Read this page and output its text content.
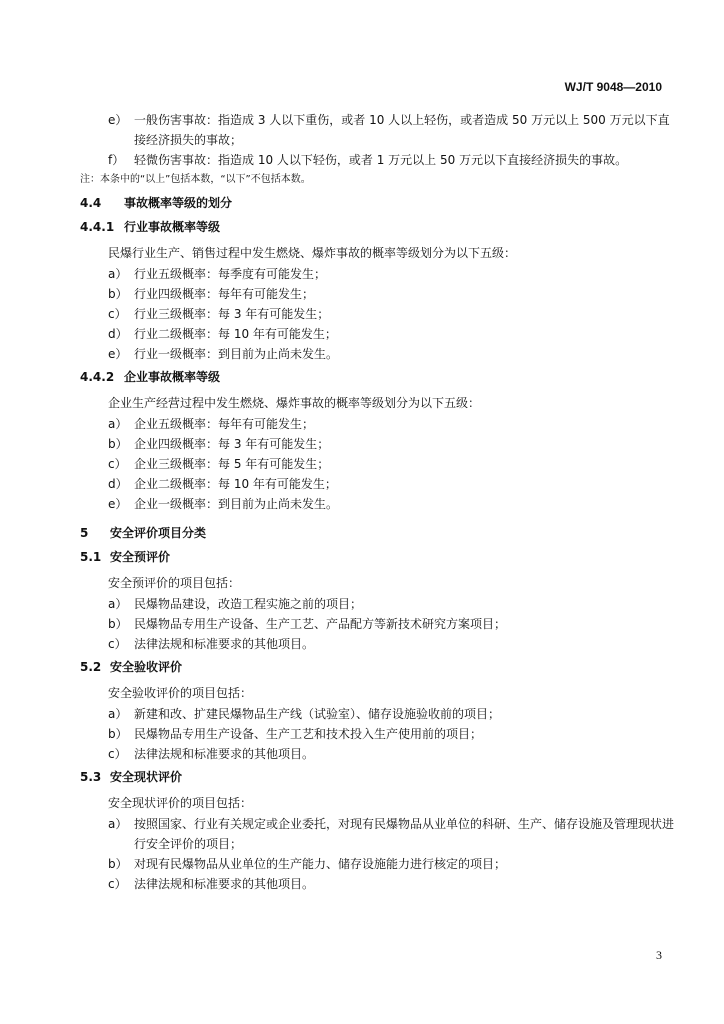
WJ/T 9048—2010
e） 一般伤害事故：指造成 3 人以下重伤，或者 10 人以上轻伤，或者造成 50 万元以上 500 万元以下直接经济损失的事故；
f） 轻微伤害事故：指造成 10 人以下轻伤，或者 1 万元以上 50 万元以下直接经济损失的事故。
注：本条中的“以上”包括本数，“以下”不包括本数。
4.4 事故概率等级的划分
4.4.1 行业事故概率等级
民爆行业生产、销售过程中发生燃烧、爆炸事故的概率等级划分为以下五级：
a） 行业五级概率：每季度有可能发生；
b） 行业四级概率：每年有可能发生；
c） 行业三级概率：每 3 年有可能发生；
d） 行业二级概率：每 10 年有可能发生；
e） 行业一级概率：到目前为止尚未发生。
4.4.2 企业事故概率等级
企业生产经营过程中发生燃烧、爆炸事故的概率等级划分为以下五级：
a） 企业五级概率：每年有可能发生；
b） 企业四级概率：每 3 年有可能发生；
c） 企业三级概率：每 5 年有可能发生；
d） 企业二级概率：每 10 年有可能发生；
e） 企业一级概率：到目前为止尚未发生。
5 安全评价项目分类
5.1 安全预评价
安全预评价的项目包括：
a） 民爆物品建设，改造工程实施之前的项目；
b） 民爆物品专用生产设备、生产工艺、产品配方等新技术研究方案项目；
c） 法律法规和标准要求的其他项目。
5.2 安全验收评价
安全验收评价的项目包括：
a） 新建和改、扩建民爆物品生产线（试验室）、储存设施验收前的项目；
b） 民爆物品专用生产设备、生产工艺和技术投入生产使用前的项目；
c） 法律法规和标准要求的其他项目。
5.3 安全现状评价
安全现状评价的项目包括：
a） 按照国家、行业有关规定或企业委托，对现有民爆物品从业单位的科研、生产、储存设施及管理现状进行安全评价的项目；
b） 对现有民爆物品从业单位的生产能力、储存设施能力进行核定的项目；
c） 法律法规和标准要求的其他项目。
3
